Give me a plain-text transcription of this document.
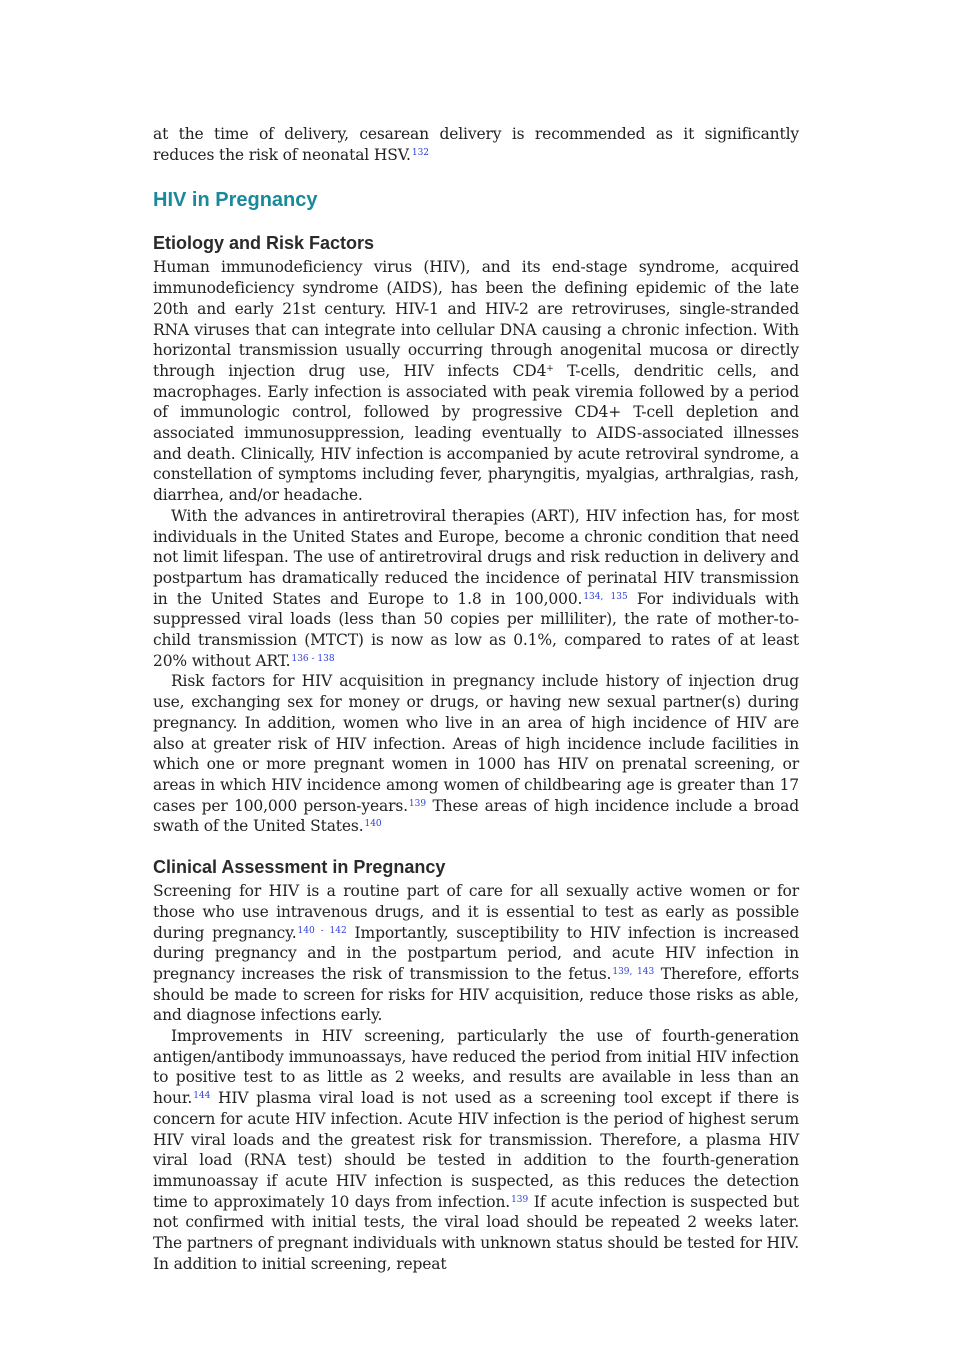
at the time of delivery, cesarean delivery is recommended as it significantly reduces the risk of neonatal HSV.$^{132}$

HIV in Pregnancy
Etiology and Risk Factors

Human immunodeficiency virus (HIV), and its end-stage syndrome, acquired immunodeficiency syndrome (AIDS), has been the defining epidemic of the late 20th and early 21st century. HIV-1 and HIV-2 are retroviruses, single-stranded RNA viruses that can integrate into cellular DNA causing a chronic infection. With horizontal transmission usually occurring through anogenital mucosa or directly through injection drug use, HIV infects CD4+ T-cells, dendritic cells, and macrophages. Early infection is associated with peak viremia followed by a period of immunologic control, followed by progressive CD4+ T-cell depletion and associated immunosuppression, leading eventually to AIDS-associated illnesses and death. Clinically, HIV infection is accompanied by acute retroviral syndrome, a constellation of symptoms including fever, pharyngitis, myalgias, arthralgias, rash, diarrhea, and/or headache.

With the advances in antiretroviral therapies (ART), HIV infection has, for most individuals in the United States and Europe, become a chronic condition that need not limit lifespan. The use of antiretroviral drugs and risk reduction in delivery and postpartum has dramatically reduced the incidence of perinatal HIV transmission in the United States and Europe to 1.8 in 100,000.$^{134, 135}$ For individuals with suppressed viral loads (less than 50 copies per milliliter), the rate of mother-to-child transmission (MTCT) is now as low as 0.1%, compared to rates of at least 20% without ART.$^{136 - 138}$

Risk factors for HIV acquisition in pregnancy include history of injection drug use, exchanging sex for money or drugs, or having new sexual partner(s) during pregnancy. In addition, women who live in an area of high incidence of HIV are also at greater risk of HIV infection. Areas of high incidence include facilities in which one or more pregnant women in 1000 has HIV on prenatal screening, or areas in which HIV incidence among women of childbearing age is greater than 17 cases per 100,000 person-years.$^{139}$ These areas of high incidence include a broad swath of the United States.$^{140}$

Clinical Assessment in Pregnancy

Screening for HIV is a routine part of care for all sexually active women or for those who use intravenous drugs, and it is essential to test as early as possible during pregnancy.$^{140 - 142}$ Importantly, susceptibility to HIV infection is increased during pregnancy and in the postpartum period, and acute HIV infection in pregnancy increases the risk of transmission to the fetus.$^{139, 143}$ Therefore, efforts should be made to screen for risks for HIV acquisition, reduce those risks as able, and diagnose infections early.

Improvements in HIV screening, particularly the use of fourth-generation antigen/antibody immunoassays, have reduced the period from initial HIV infection to positive test to as little as 2 weeks, and results are available in less than an hour.$^{144}$ HIV plasma viral load is not used as a screening tool except if there is concern for acute HIV infection. Acute HIV infection is the period of highest serum HIV viral loads and the greatest risk for transmission. Therefore, a plasma HIV viral load (RNA test) should be tested in addition to the fourth-generation immunoassay if acute HIV infection is suspected, as this reduces the detection time to approximately 10 days from infection.$^{139}$ If acute infection is suspected but not confirmed with initial tests, the viral load should be repeated 2 weeks later. The partners of pregnant individuals with unknown status should be tested for HIV. In addition to initial screening, repeat
